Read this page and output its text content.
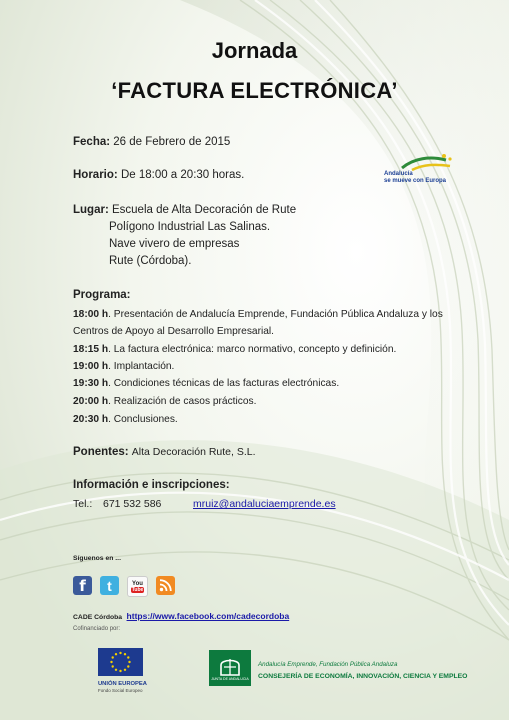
Jornada
‘FACTURA ELECTRÓNICA’
Fecha: 26 de Febrero de 2015
Horario: De 18:00 a 20:30 horas.	Andalucía
se mueve con Europa
Lugar: Escuela de Alta Decoración de Rute
Polígono Industrial Las Salinas.
Nave vivero de empresas
Rute (Córdoba).
Programa:
18:00 h. Presentación de Andalucía Emprende, Fundación Pública Andaluza y los
Centros de Apoyo al Desarrollo Empresarial.
18:15 h. La factura electrónica: marco normativo, concepto y definición.
19:00 h. Implantación.
19:30 h. Condiciones técnicas de las facturas electrónicas.
20:00 h. Realización de casos prácticos.
20:30 h. Conclusiones.
Ponentes: Alta Decoración Rute, S.L.
Información e inscripciones:
Tel.: 671 532 586	mruiz@andaluciaemprende.es
Síguenos en ...
f t	You
Tube
CADE Córdoba https://www.facebook.com/cadecordoba
Cofinanciado por:
UNIÓN EUROPEA
Fondo Social Europeo
JUNTA DE ANDALUCIA
Andalucía Emprende, Fundación Pública Andaluza
CONSEJERÍA DE ECONOMÍA, INNOVACIÓN, CIENCIA Y EMPLEO
